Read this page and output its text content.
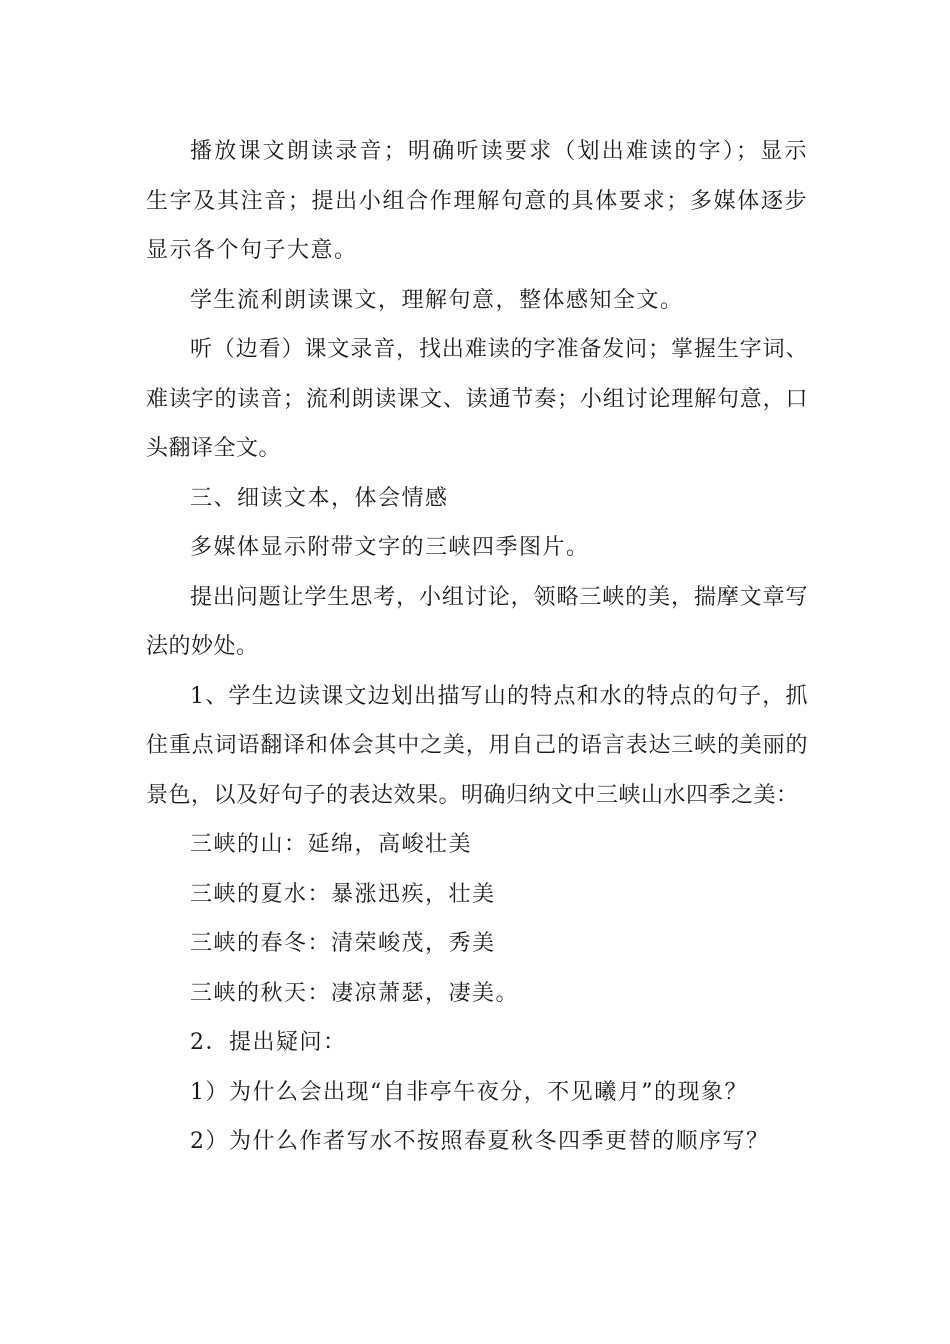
播放课文朗读录音；明确听读要求（划出难读的字）；显示生字及其注音；提出小组合作理解句意的具体要求；多媒体逐步显示各个句子大意。

学生流利朗读课文，理解句意，整体感知全文。

听（边看）课文录音，找出难读的字准备发问；掌握生字词、难读字的读音；流利朗读课文、读通节奏；小组讨论理解句意，口头翻译全文。

三、细读文本，体会情感

多媒体显示附带文字的三峡四季图片。

提出问题让学生思考，小组讨论，领略三峡的美，揣摩文章写法的妙处。

1、学生边读课文边划出描写山的特点和水的特点的句子，抓住重点词语翻译和体会其中之美，用自己的语言表达三峡的美丽的景色，以及好句子的表达效果。明确归纳文中三峡山水四季之美：

三峡的山：延绵，高峻壮美

三峡的夏水：暴涨迅疾，壮美

三峡的春冬：清荣峻茂，秀美

三峡的秋天：凄凉萧瑟，凄美。

2．提出疑问：

1）为什么会出现“自非亭午夜分，不见曦月”的现象？

2）为什么作者写水不按照春夏秋冬四季更替的顺序写？
